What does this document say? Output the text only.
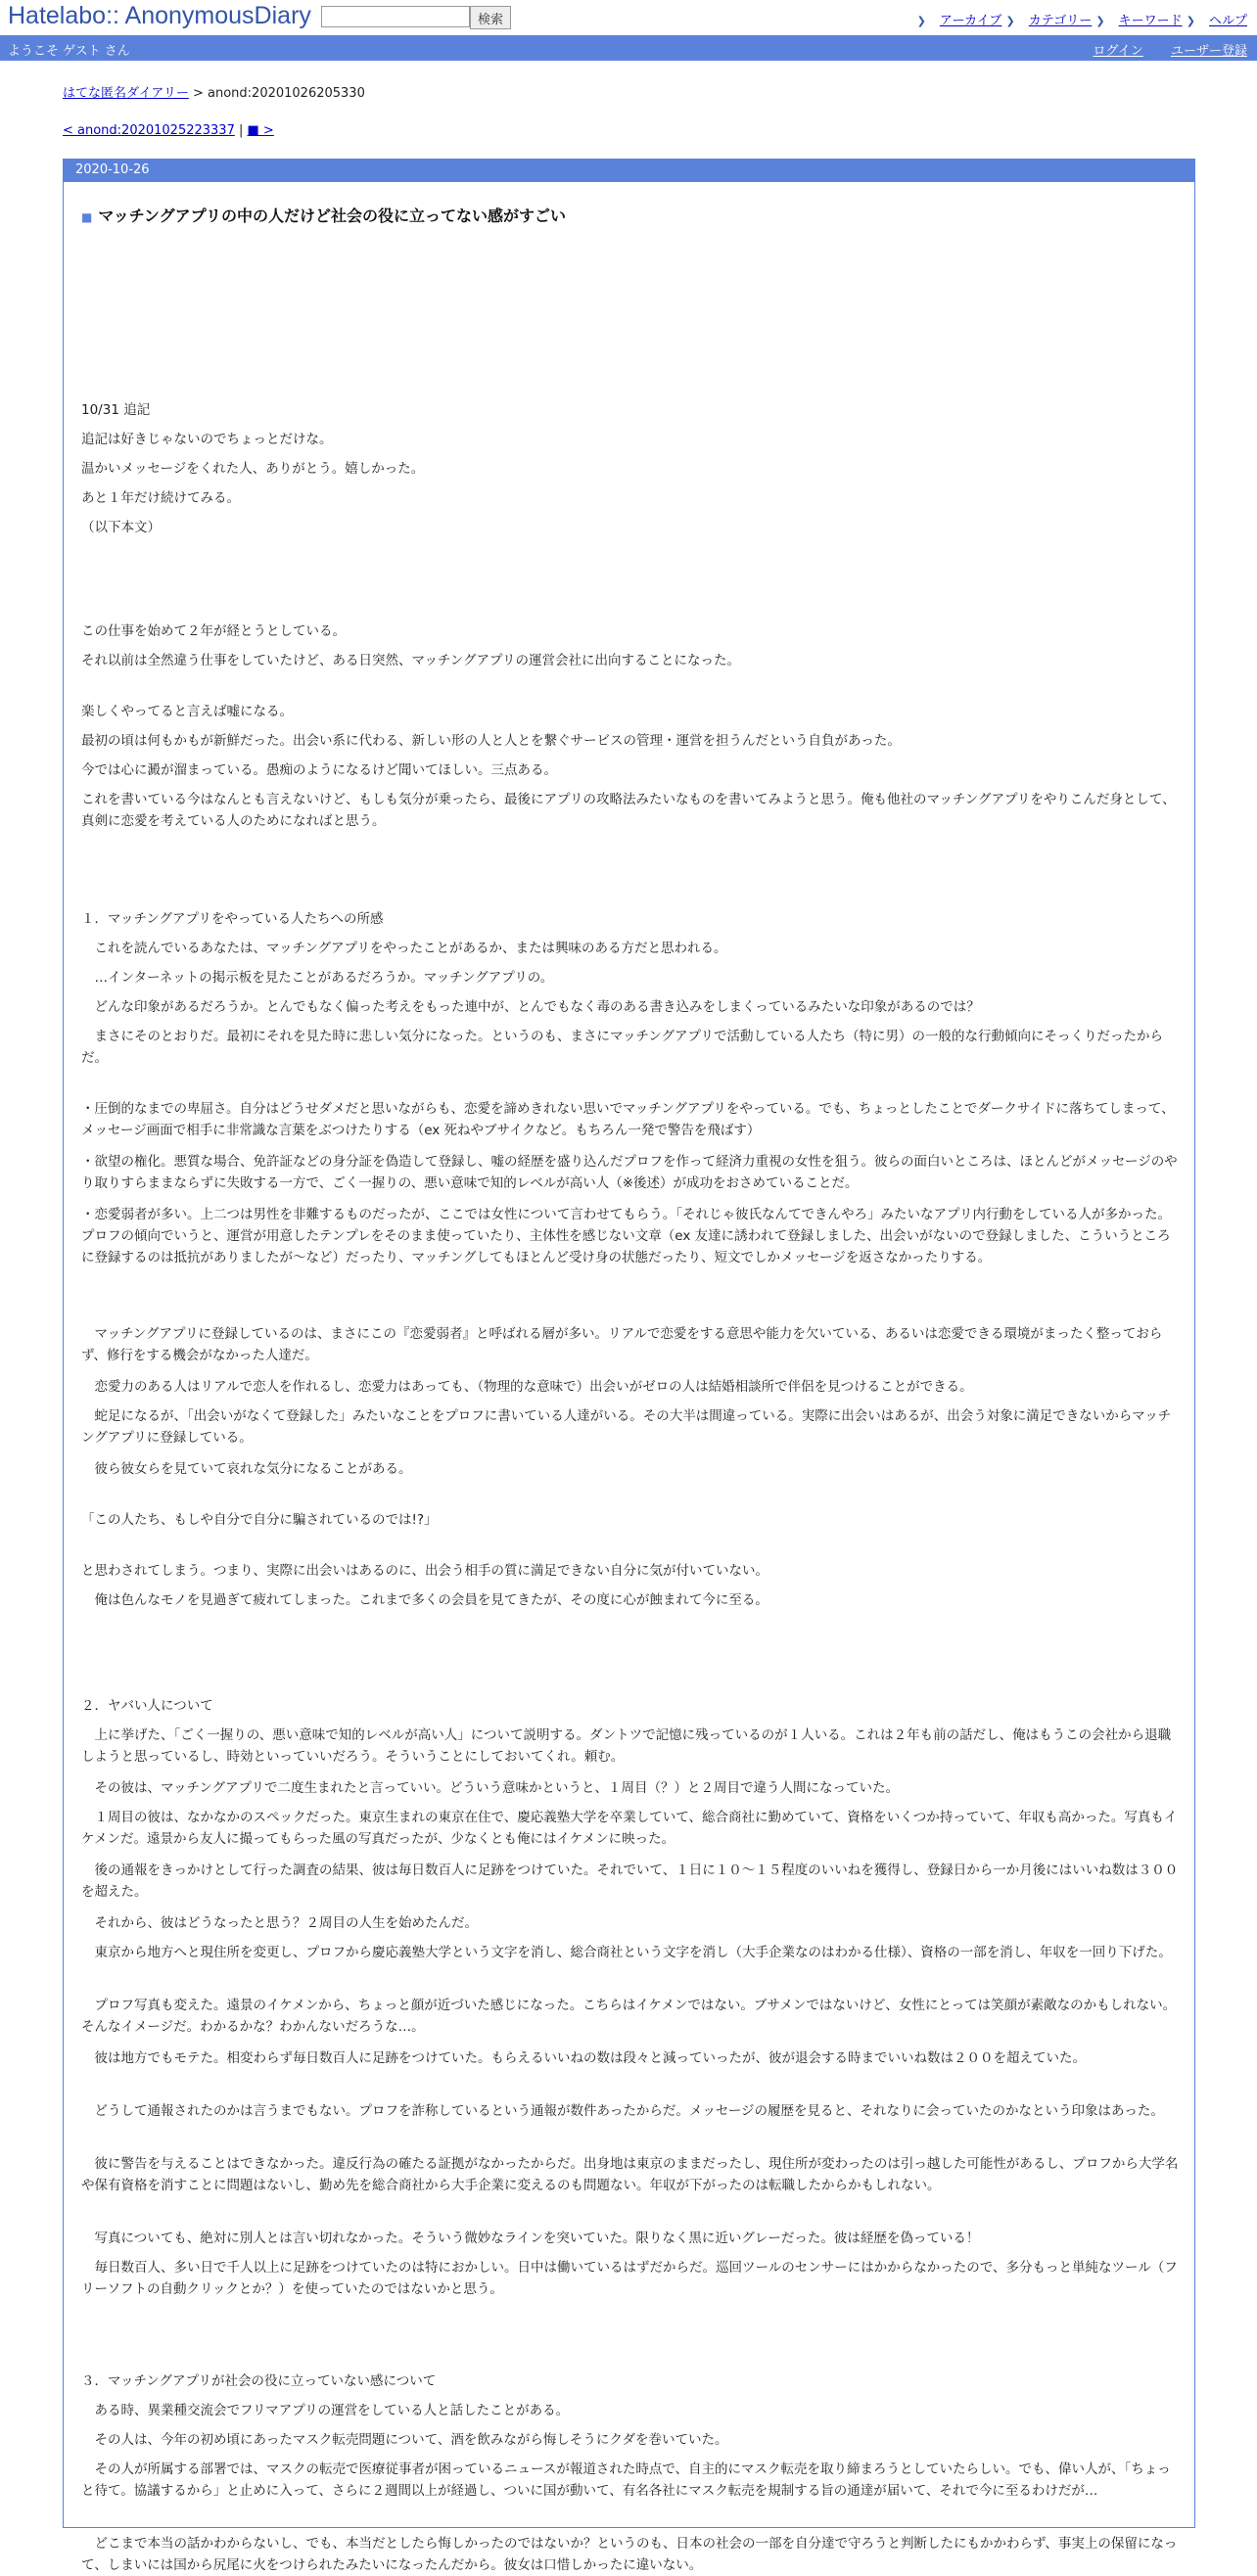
Hatelabo:: AnonymousDiary	検索	❯ アーカイブ ❯ カテゴリー ❯ キーワード ❯ ヘルプ
ようこそ ゲスト さん	ログイン ユーザー登録
はてな匿名ダイアリー > anond:20201026205330
< anond:20201025223337 | ■ >
2020-10-26
■ マッチングアプリの中の人だけど社会の役に立ってない感がすごい

10/31 追記

追記は好きじゃないのでちょっとだけな。

温かいメッセージをくれた人、ありがとう。嬉しかった。

あと１年だけ続けてみる。

（以下本文）

この仕事を始めて２年が経とうとしている。

それ以前は全然違う仕事をしていたけど、ある日突然、マッチングアプリの運営会社に出向することになった。

楽しくやってると言えば嘘になる。

最初の頃は何もかもが新鮮だった。出会い系に代わる、新しい形の人と人とを繋ぐサービスの管理・運営を担うんだという自負があった。

今では心に澱が溜まっている。愚痴のようになるけど聞いてほしい。三点ある。

これを書いている今はなんとも言えないけど、もしも気分が乗ったら、最後にアプリの攻略法みたいなものを書いてみようと思う。俺も他社のマッチングアプリをやりこんだ身として、真剣に恋愛を考えている人のためになればと思う。

１．マッチングアプリをやっている人たちへの所感

　これを読んでいるあなたは、マッチングアプリをやったことがあるか、または興味のある方だと思われる。

　…インターネットの掲示板を見たことがあるだろうか。マッチングアプリの。

　どんな印象があるだろうか。とんでもなく偏った考えをもった連中が、とんでもなく毒のある書き込みをしまくっているみたいな印象があるのでは？

　まさにそのとおりだ。最初にそれを見た時に悲しい気分になった。というのも、まさにマッチングアプリで活動している人たち（特に男）の一般的な行動傾向にそっくりだったからだ。

・圧倒的なまでの卑屈さ。自分はどうせダメだと思いながらも、恋愛を諦めきれない思いでマッチングアプリをやっている。でも、ちょっとしたことでダークサイドに落ちてしまって、メッセージ画面で相手に非常識な言葉をぶつけたりする（ex 死ねやブサイクなど。もちろん一発で警告を飛ばす）

・欲望の権化。悪質な場合、免許証などの身分証を偽造して登録し、嘘の経歴を盛り込んだプロフを作って経済力重視の女性を狙う。彼らの面白いところは、ほとんどがメッセージのやり取りすらままならずに失敗する一方で、ごく一握りの、悪い意味で知的レベルが高い人（※後述）が成功をおさめていることだ。

・恋愛弱者が多い。上二つは男性を非難するものだったが、ここでは女性について言わせてもらう。「それじゃ彼氏なんてできんやろ」みたいなアプリ内行動をしている人が多かった。プロフの傾向でいうと、運営が用意したテンプレをそのまま使っていたり、主体性を感じない文章（ex 友達に誘われて登録しました、出会いがないので登録しました、こういうところに登録するのは抵抗がありましたが～など）だったり、マッチングしてもほとんど受け身の状態だったり、短文でしかメッセージを返さなかったりする。

　マッチングアプリに登録しているのは、まさにこの『恋愛弱者』と呼ばれる層が多い。リアルで恋愛をする意思や能力を欠いている、あるいは恋愛できる環境がまったく整っておらず、修行をする機会がなかった人達だ。

　恋愛力のある人はリアルで恋人を作れるし、恋愛力はあっても、（物理的な意味で）出会いがゼロの人は結婚相談所で伴侶を見つけることができる。

　蛇足になるが、「出会いがなくて登録した」みたいなことをプロフに書いている人達がいる。その大半は間違っている。実際に出会いはあるが、出会う対象に満足できないからマッチングアプリに登録している。

　彼ら彼女らを見ていて哀れな気分になることがある。

「この人たち、もしや自分で自分に騙されているのでは!?」

と思わされてしまう。つまり、実際に出会いはあるのに、出会う相手の質に満足できない自分に気が付いていない。

　俺は色んなモノを見過ぎて疲れてしまった。これまで多くの会員を見てきたが、その度に心が蝕まれて今に至る。

２．ヤバい人について

　上に挙げた、「ごく一握りの、悪い意味で知的レベルが高い人」について説明する。ダントツで記憶に残っているのが１人いる。これは２年も前の話だし、俺はもうこの会社から退職しようと思っているし、時効といっていいだろう。そういうことにしておいてくれ。頼む。

　その彼は、マッチングアプリで二度生まれたと言っていい。どういう意味かというと、１周目（？）と２周目で違う人間になっていた。

　１周目の彼は、なかなかのスペックだった。東京生まれの東京在住で、慶応義塾大学を卒業していて、総合商社に勤めていて、資格をいくつか持っていて、年収も高かった。写真もイケメンだ。遠景から友人に撮ってもらった風の写真だったが、少なくとも俺にはイケメンに映った。

　後の通報をきっかけとして行った調査の結果、彼は毎日数百人に足跡をつけていた。それでいて、１日に１０～１５程度のいいねを獲得し、登録日から一か月後にはいいね数は３００を超えた。

　それから、彼はどうなったと思う？２周目の人生を始めたんだ。

　東京から地方へと現住所を変更し、プロフから慶応義塾大学という文字を消し、総合商社という文字を消し（大手企業なのはわかる仕様）、資格の一部を消し、年収を一回り下げた。

　プロフ写真も変えた。遠景のイケメンから、ちょっと顔が近づいた感じになった。こちらはイケメンではない。ブサメンではないけど、女性にとっては笑顔が素敵なのかもしれない。そんなイメージだ。わかるかな？わかんないだろうな…。

　彼は地方でもモテた。相変わらず毎日数百人に足跡をつけていた。もらえるいいねの数は段々と減っていったが、彼が退会する時までいいね数は２００を超えていた。

　どうして通報されたのかは言うまでもない。プロフを詐称しているという通報が数件あったからだ。メッセージの履歴を見ると、それなりに会っていたのかなという印象はあった。

　彼に警告を与えることはできなかった。違反行為の確たる証拠がなかったからだ。出身地は東京のままだったし、現住所が変わったのは引っ越した可能性があるし、プロフから大学名や保有資格を消すことに問題はないし、勤め先を総合商社から大手企業に変えるのも問題ない。年収が下がったのは転職したからかもしれない。

　写真についても、絶対に別人とは言い切れなかった。そういう微妙なラインを突いていた。限りなく黒に近いグレーだった。彼は経歴を偽っている！

　毎日数百人、多い日で千人以上に足跡をつけていたのは特におかしい。日中は働いているはずだからだ。巡回ツールのセンサーにはかからなかったので、多分もっと単純なツール（フリーソフトの自動クリックとか？）を使っていたのではないかと思う。

３．マッチングアプリが社会の役に立っていない感について

　ある時、異業種交流会でフリマアプリの運営をしている人と話したことがある。

　その人は、今年の初め頃にあったマスク転売問題について、酒を飲みながら悔しそうにクダを巻いていた。

　その人が所属する部署では、マスクの転売で医療従事者が困っているニュースが報道された時点で、自主的にマスク転売を取り締まろうとしていたらしい。でも、偉い人が、「ちょっと待て。協議するから」と止めに入って、さらに２週間以上が経過し、ついに国が動いて、有名各社にマスク転売を規制する旨の通達が届いて、それで今に至るわけだが…

　どこまで本当の話かわからないし、でも、本当だとしたら悔しかったのではないか？というのも、日本の社会の一部を自分達で守ろうと判断したにもかかわらず、事実上の保留になって、しまいには国から尻尾に火をつけられたみたいになったんだから。彼女は口惜しかったに違いない。
